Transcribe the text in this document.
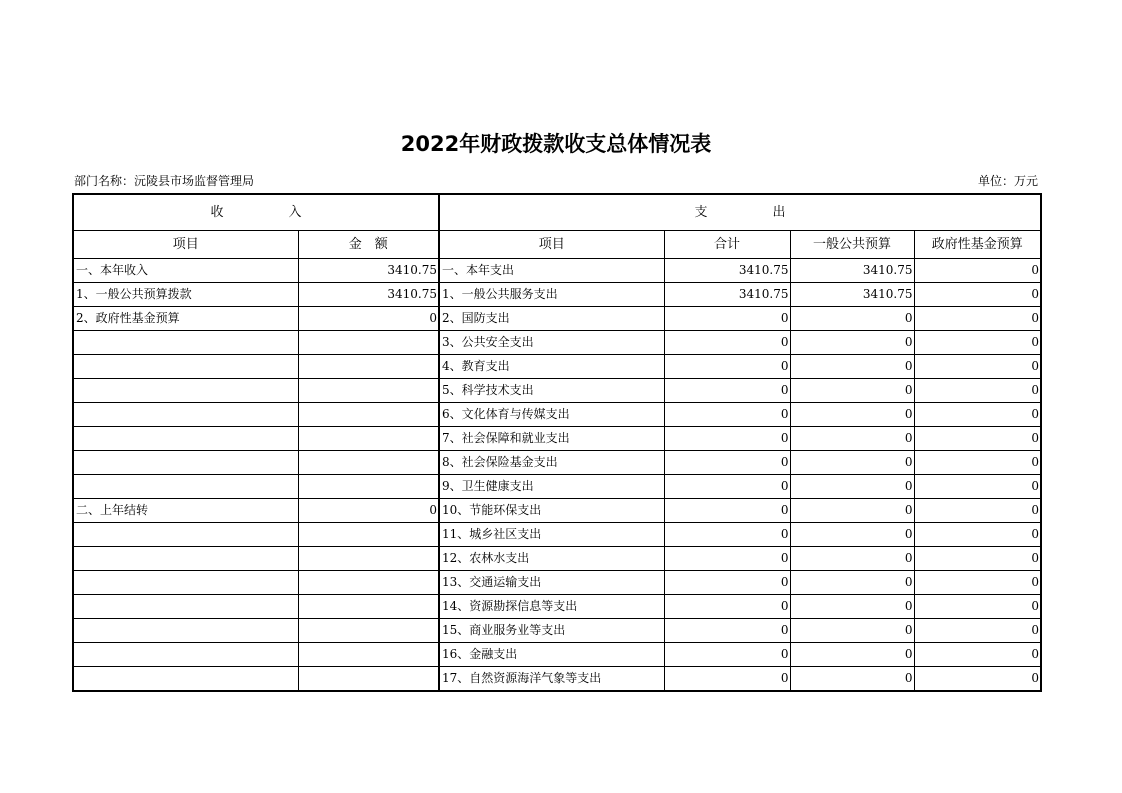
2022年财政拨款收支总体情况表
部门名称：沅陵县市场监督管理局	单位：万元
收　　　　　入		支　　　　　出			
项目	金　额	项目	合计	一般公共预算	政府性基金预算
一、本年收入	3410.75	一、本年支出	3410.75	3410.75	0
1、一般公共预算拨款	3410.75	1、一般公共服务支出	3410.75	3410.75	0
2、政府性基金预算	0	2、国防支出	0	0	0
		3、公共安全支出	0	0	0
		4、教育支出	0	0	0
		5、科学技术支出	0	0	0
		6、文化体育与传媒支出	0	0	0
		7、社会保障和就业支出	0	0	0
		8、社会保险基金支出	0	0	0
		9、卫生健康支出	0	0	0
二、上年结转	0	10、节能环保支出	0	0	0
		11、城乡社区支出	0	0	0
		12、农林水支出	0	0	0
		13、交通运输支出	0	0	0
		14、资源勘探信息等支出	0	0	0
		15、商业服务业等支出	0	0	0
		16、金融支出	0	0	0
		17、自然资源海洋气象等支出	0	0	0
